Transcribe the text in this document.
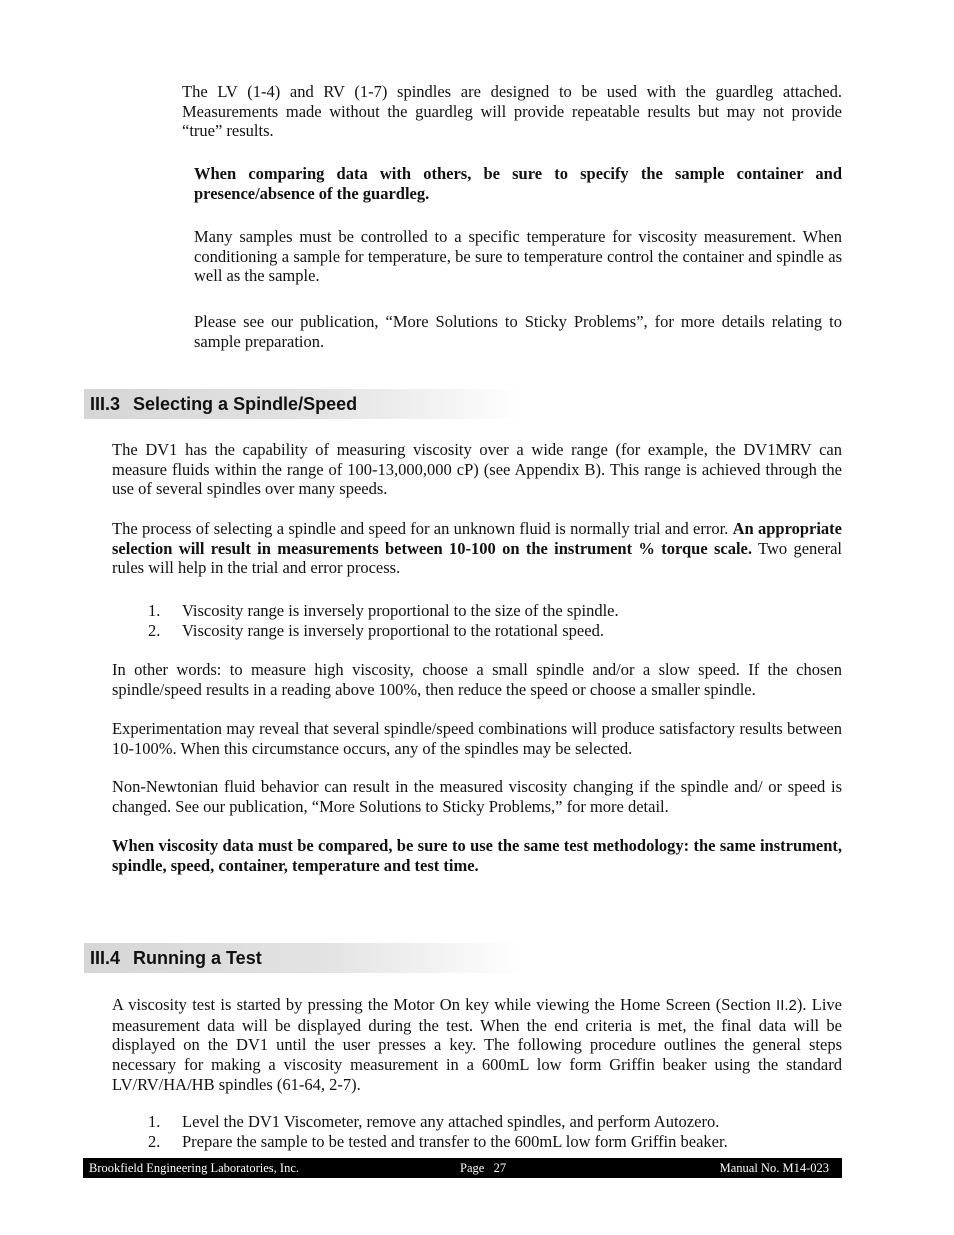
The LV (1-4) and RV (1-7) spindles are designed to be used with the guardleg attached. Measurements made without the guardleg will provide repeatable results but may not provide “true” results.

When comparing data with others, be sure to specify the sample container and presence/absence of the guardleg.

Many samples must be controlled to a specific temperature for viscosity measurement. When conditioning a sample for temperature, be sure to temperature control the container and spindle as well as the sample.

Please see our publication, “More Solutions to Sticky Problems”, for more details relating to sample preparation.

III.3 Selecting a Spindle/Speed

The DV1 has the capability of measuring viscosity over a wide range (for example, the DV1MRV can measure fluids within the range of 100-13,000,000 cP) (see Appendix B). This range is achieved through the use of several spindles over many speeds.

The process of selecting a spindle and speed for an unknown fluid is normally trial and error. An appropriate selection will result in measurements between 10-100 on the instrument % torque scale. Two general rules will help in the trial and error process.

1. Viscosity range is inversely proportional to the size of the spindle.
2. Viscosity range is inversely proportional to the rotational speed.

In other words: to measure high viscosity, choose a small spindle and/or a slow speed. If the chosen spindle/speed results in a reading above 100%, then reduce the speed or choose a smaller spindle.

Experimentation may reveal that several spindle/speed combinations will produce satisfactory results between 10-100%. When this circumstance occurs, any of the spindles may be selected.

Non-Newtonian fluid behavior can result in the measured viscosity changing if the spindle and/ or speed is changed. See our publication, “More Solutions to Sticky Problems,” for more detail.

When viscosity data must be compared, be sure to use the same test methodology: the same instrument, spindle, speed, container, temperature and test time.

III.4 Running a Test

A viscosity test is started by pressing the Motor On key while viewing the Home Screen (Section II.2). Live measurement data will be displayed during the test. When the end criteria is met, the final data will be displayed on the DV1 until the user presses a key. The following procedure outlines the general steps necessary for making a viscosity measurement in a 600mL low form Griffin beaker using the standard LV/RV/HA/HB spindles (61-64, 2-7).

1. Level the DV1 Viscometer, remove any attached spindles, and perform Autozero.
2. Prepare the sample to be tested and transfer to the 600mL low form Griffin beaker.
Brookfield Engineering Laboratories, Inc.	Page   27	Manual No. M14-023
